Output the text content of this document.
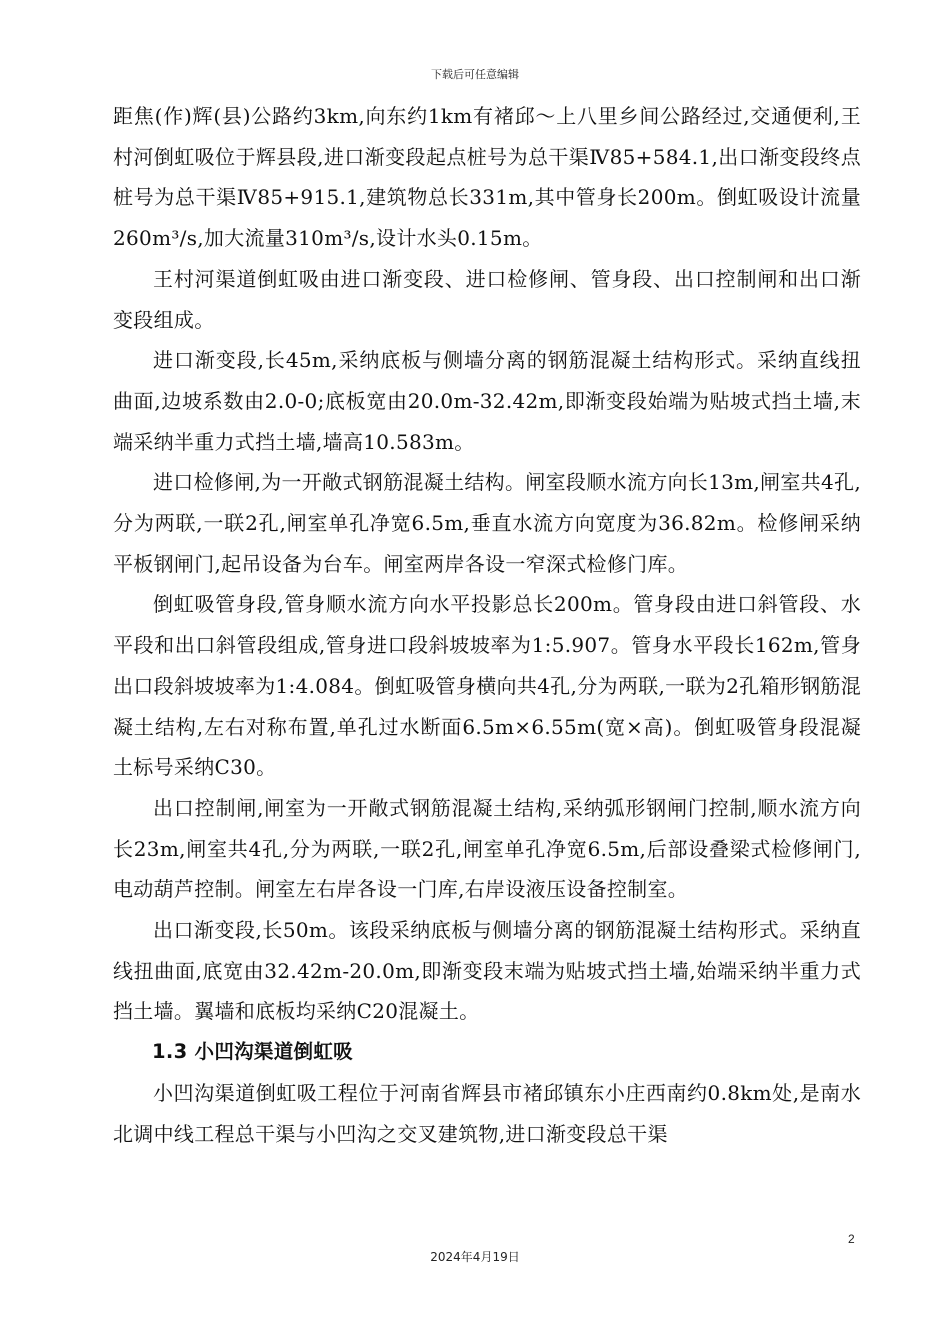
下载后可任意编辑

距焦(作)辉(县)公路约3km,向东约1km有褚邱～上八里乡间公路经过,交通便利,王村河倒虹吸位于辉县段,进口渐变段起点桩号为总干渠Ⅳ85+584.1,出口渐变段终点桩号为总干渠Ⅳ85+915.1,建筑物总长331m,其中管身长200m。倒虹吸设计流量260m³/s,加大流量310m³/s,设计水头0.15m。

王村河渠道倒虹吸由进口渐变段、进口检修闸、管身段、出口控制闸和出口渐变段组成。

进口渐变段,长45m,采纳底板与侧墙分离的钢筋混凝土结构形式。采纳直线扭曲面,边坡系数由2.0-0;底板宽由20.0m-32.42m,即渐变段始端为贴坡式挡土墙,末端采纳半重力式挡土墙,墙高10.583m。

进口检修闸,为一开敞式钢筋混凝土结构。闸室段顺水流方向长13m,闸室共4孔,分为两联,一联2孔,闸室单孔净宽6.5m,垂直水流方向宽度为36.82m。检修闸采纳平板钢闸门,起吊设备为台车。闸室两岸各设一窄深式检修门库。

倒虹吸管身段,管身顺水流方向水平投影总长200m。管身段由进口斜管段、水平段和出口斜管段组成,管身进口段斜坡坡率为1:5.907。管身水平段长162m,管身出口段斜坡坡率为1:4.084。倒虹吸管身横向共4孔,分为两联,一联为2孔箱形钢筋混凝土结构,左右对称布置,单孔过水断面6.5m×6.55m(宽×高)。倒虹吸管身段混凝土标号采纳C30。

出口控制闸,闸室为一开敞式钢筋混凝土结构,采纳弧形钢闸门控制,顺水流方向长23m,闸室共4孔,分为两联,一联2孔,闸室单孔净宽6.5m,后部设叠梁式检修闸门,电动葫芦控制。闸室左右岸各设一门库,右岸设液压设备控制室。

出口渐变段,长50m。该段采纳底板与侧墙分离的钢筋混凝土结构形式。采纳直线扭曲面,底宽由32.42m-20.0m,即渐变段末端为贴坡式挡土墙,始端采纳半重力式挡土墙。翼墙和底板均采纳C20混凝土。

1.3 小凹沟渠道倒虹吸

小凹沟渠道倒虹吸工程位于河南省辉县市褚邱镇东小庄西南约0.8km处,是南水北调中线工程总干渠与小凹沟之交叉建筑物,进口渐变段总干渠

2
2024年4月19日
